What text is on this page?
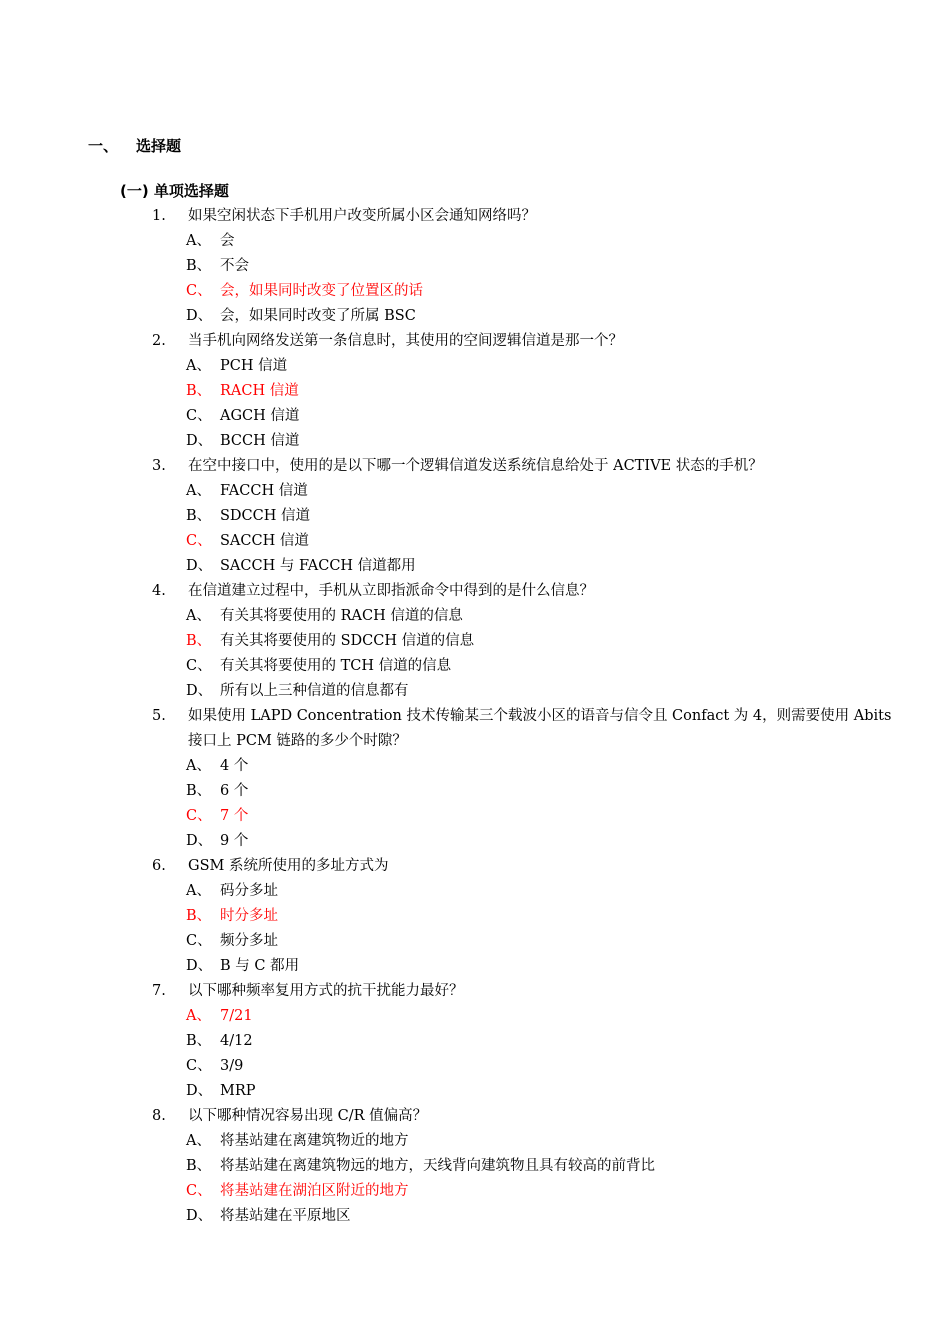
一、 选择题
(一) 单项选择题
1. 如果空闲状态下手机用户改变所属小区会通知网络吗？
A、 会
B、 不会
C、 会，如果同时改变了位置区的话
D、 会，如果同时改变了所属 BSC
2. 当手机向网络发送第一条信息时，其使用的空间逻辑信道是那一个？
A、 PCH 信道
B、 RACH 信道
C、 AGCH 信道
D、 BCCH 信道
3. 在空中接口中，使用的是以下哪一个逻辑信道发送系统信息给处于 ACTIVE 状态的手机？
A、 FACCH 信道
B、 SDCCH 信道
C、 SACCH 信道
D、 SACCH 与 FACCH 信道都用
4. 在信道建立过程中，手机从立即指派命令中得到的是什么信息？
A、 有关其将要使用的 RACH 信道的信息
B、 有关其将要使用的 SDCCH 信道的信息
C、 有关其将要使用的 TCH 信道的信息
D、 所有以上三种信道的信息都有
5. 如果使用 LAPD Concentration 技术传输某三个载波小区的语音与信令且 Confact 为 4，则需要使用 Abits 接口上 PCM 链路的多少个时隙？
A、 4 个
B、 6 个
C、 7 个
D、 9 个
6. GSM 系统所使用的多址方式为
A、 码分多址
B、 时分多址
C、 频分多址
D、 B 与 C 都用
7. 以下哪种频率复用方式的抗干扰能力最好？
A、 7/21
B、 4/12
C、 3/9
D、 MRP
8. 以下哪种情况容易出现 C/R 值偏高？
A、 将基站建在离建筑物近的地方
B、 将基站建在离建筑物远的地方，天线背向建筑物且具有较高的前背比
C、 将基站建在湖泊区附近的地方
D、 将基站建在平原地区
